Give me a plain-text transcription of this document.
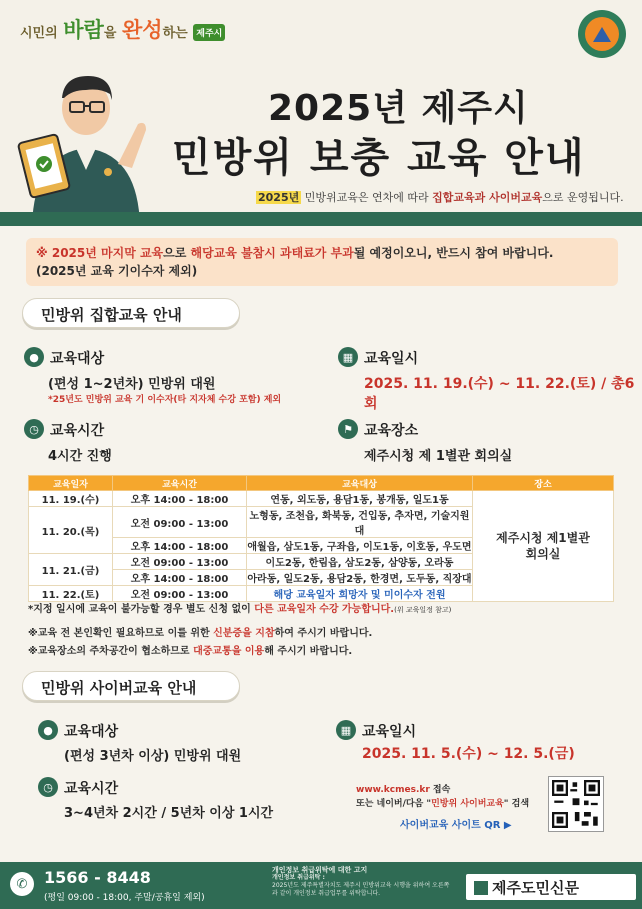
시민의 바람을 완성하는 제주시
2025년 제주시
민방위 보충 교육 안내
2025년 민방위교육은 연차에 따라 집합교육과 사이버교육으로 운영됩니다.
※ 2025년 마지막 교육으로 해당교육 불참시 과태료가 부과될 예정이오니, 반드시 참여 바랍니다.
(2025년 교육 기이수자 제외)
민방위 집합교육 안내
● 교육대상
(편성 1~2년차) 민방위 대원
*25년도 민방위 교육 기 이수자(타 지자체 수강 포함) 제외
▦ 교육일시
2025. 11. 19.(수) ~ 11. 22.(토) / 총6회
◷ 교육시간
4시간 진행
⚑ 교육장소
제주시청 제 1별관 회의실
교육일자	교육시간	교육대상	장소
11. 19.(수)	오후 14:00 - 18:00	연동, 외도동, 용담1동, 봉개동, 일도1동	제주시청 제1별관
회의실

11. 20.(목)	오전 09:00 - 13:00	노형동, 조천읍, 화북동, 건입동, 추자면, 기술지원대	
	오후 14:00 - 18:00	애월읍, 삼도1동, 구좌읍, 이도1동, 이호동, 우도면	
11. 21.(금)	오전 09:00 - 13:00	이도2동, 한림읍, 삼도2동, 삼양동, 오라동	
	오후 14:00 - 18:00	아라동, 일도2동, 용담2동, 한경면, 도두동, 직장대	
11. 22.(토)	오전 09:00 - 13:00	해당 교육일자 희망자 및 미이수자 전원	
*지정 일시에 교육이 불가능할 경우 별도 신청 없이 다른 교육일자 수강 가능합니다.(위 교육일정 참고)
※교육 전 본인확인 필요하므로 이를 위한 신분증을 지참하여 주시기 바랍니다.
※교육장소의 주차공간이 협소하므로 대중교통을 이용해 주시기 바랍니다.
민방위 사이버교육 안내
● 교육대상
(편성 3년차 이상) 민방위 대원
◷ 교육시간
3~4년차 2시간 / 5년차 이상 1시간
▦ 교육일시
2025. 11. 5.(수) ~ 12. 5.(금)
www.kcmes.kr 접속
또는 네이버/다음 "민방위 사이버교육" 검색
사이버교육 사이트 QR ▶
✆	1566 - 8448
(평일 09:00 - 18:00, 주말/공휴일 제외)
개인정보 취급위탁에 대한 고지
개인정보 취급위탁 :
2025년도 제주특별자치도 제주시 민방위교육 시행을 위하여 오른쪽과 같이 개인정보 취급업무를 위탁합니다.	제주도민신문
